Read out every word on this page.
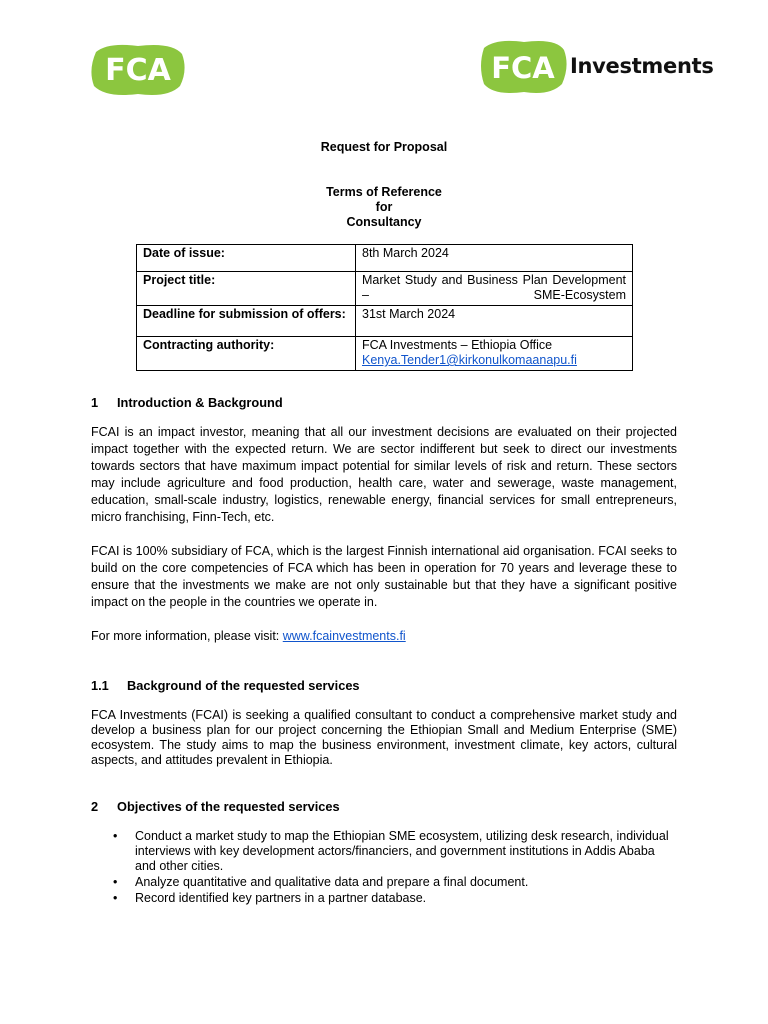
FCA	FCA Investments
Request for Proposal
Terms of Reference
for
Consultancy
Date of issue:	8th March 2024
Project title:	Market Study and Business Plan Development – SME-Ecosystem
Deadline for submission of offers:	31st March 2024
Contracting authority:	FCA Investments – Ethiopia Office
Kenya.Tender1@kirkonulkomaanapu.fi
1 Introduction & Background
FCAI is an impact investor, meaning that all our investment decisions are evaluated on their projected impact together with the expected return. We are sector indifferent but seek to direct our investments towards sectors that have maximum impact potential for similar levels of risk and return. These sectors may include agriculture and food production, health care, water and sewerage, waste management, education, small-scale industry, logistics, renewable energy, financial services for small entrepreneurs, micro franchising, Finn-Tech, etc.
FCAI is 100% subsidiary of FCA, which is the largest Finnish international aid organisation. FCAI seeks to build on the core competencies of FCA which has been in operation for 70 years and leverage these to ensure that the investments we make are not only sustainable but that they have a significant positive impact on the people in the countries we operate in.
For more information, please visit: www.fcainvestments.fi
1.1 Background of the requested services
FCA Investments (FCAI) is seeking a qualified consultant to conduct a comprehensive market study and develop a business plan for our project concerning the Ethiopian Small and Medium Enterprise (SME) ecosystem. The study aims to map the business environment, investment climate, key actors, cultural aspects, and attitudes prevalent in Ethiopia.
2 Objectives of the requested services
• Conduct a market study to map the Ethiopian SME ecosystem, utilizing desk research, individual interviews with key development actors/financiers, and government institutions in Addis Ababa and other cities.
• Analyze quantitative and qualitative data and prepare a final document.
• Record identified key partners in a partner database.
